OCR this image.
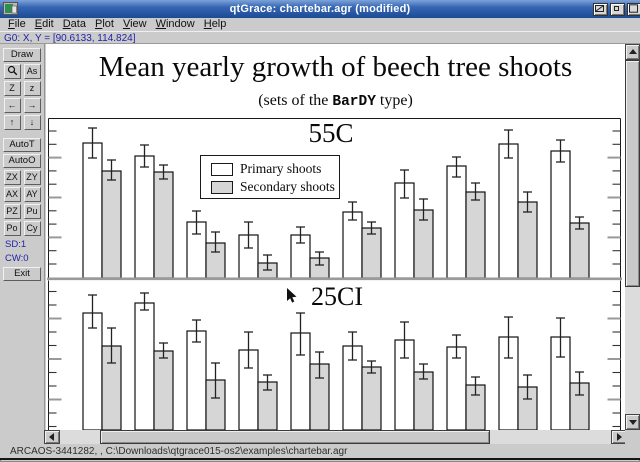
Mean yearly growth of beech tree shoots
(sets of the BarDY type)
55C
25CI
Primary shoots
Secondary shoots
qtGrace: chartebar.agr (modified)
File Edit Data Plot View Window Help
G0: X, Y = [90.6133, 114.824]
Draw
As
Z	z
←	→
↑	↓
AutoT
AutoO
ZX ZY
AX AY
PZ Pu
Po	Cy
SD:1
CW:0
Exit
ARCAOS-3441282, , C:\Downloads\qtgrace015-os2\examples\chartebar.agr
